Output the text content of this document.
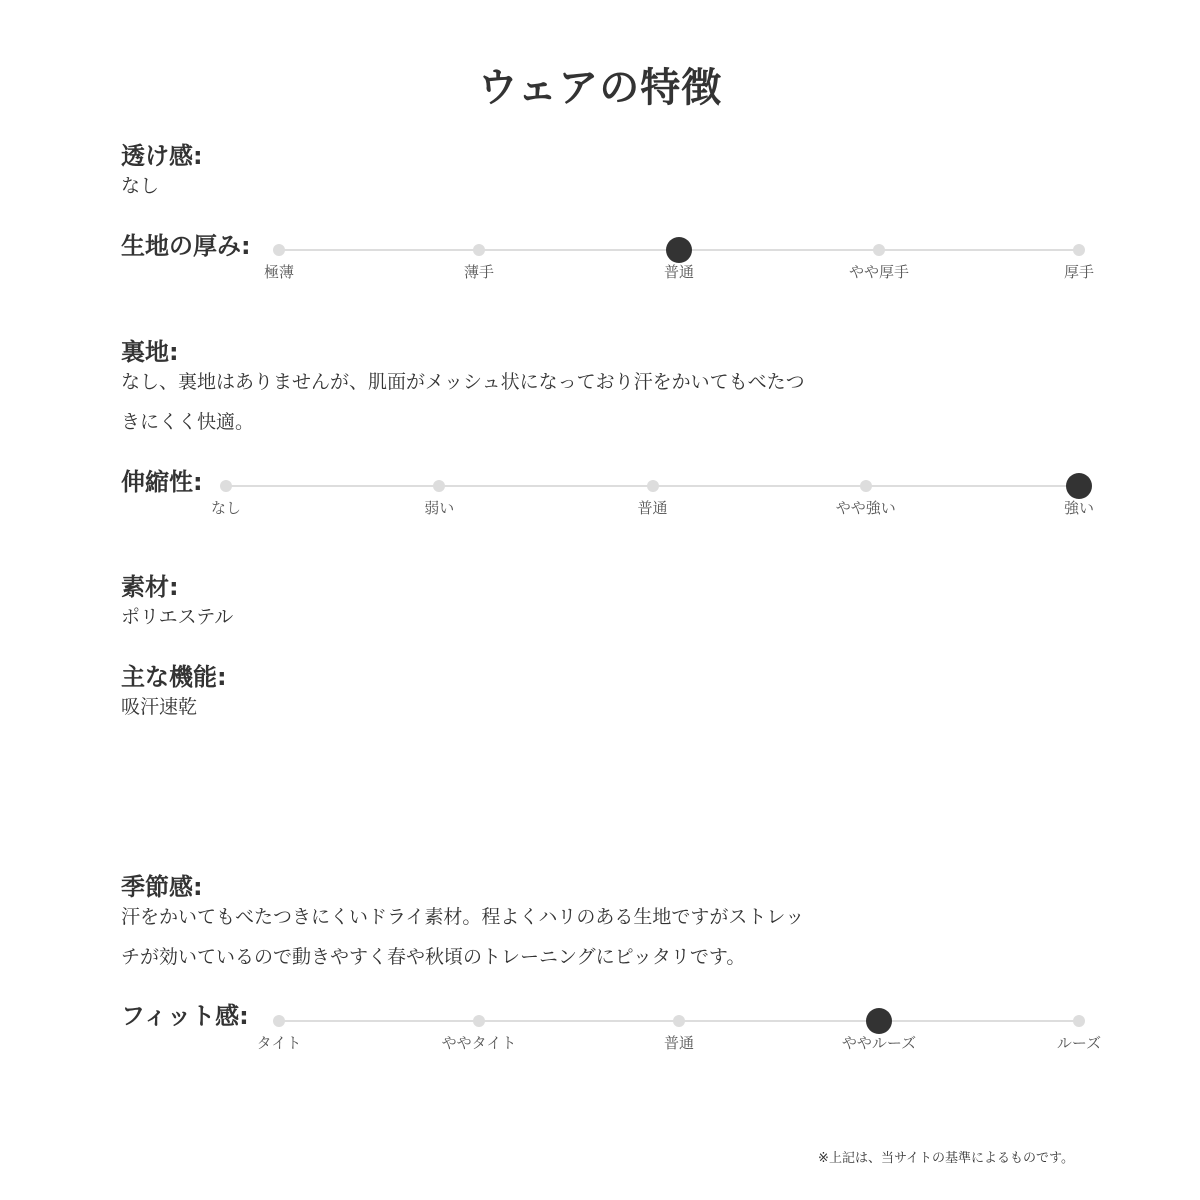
ウェアの特徴
透け感:
なし
生地の厚み:
極薄	薄手	普通	やや厚手	厚手
裏地:
なし、裏地はありませんが、肌面がメッシュ状になっており汗をかいてもべたつ
きにくく快適。
伸縮性:
なし	弱い	普通	やや強い	強い
素材:
ポリエステル
主な機能:
吸汗速乾
季節感:
汗をかいてもべたつきにくいドライ素材。程よくハリのある生地ですがストレッ
チが効いているので動きやすく春や秋頃のトレーニングにピッタリです。
フィット感:
タイト	ややタイト	普通	ややルーズ	ルーズ
※上記は、当サイトの基準によるものです。
